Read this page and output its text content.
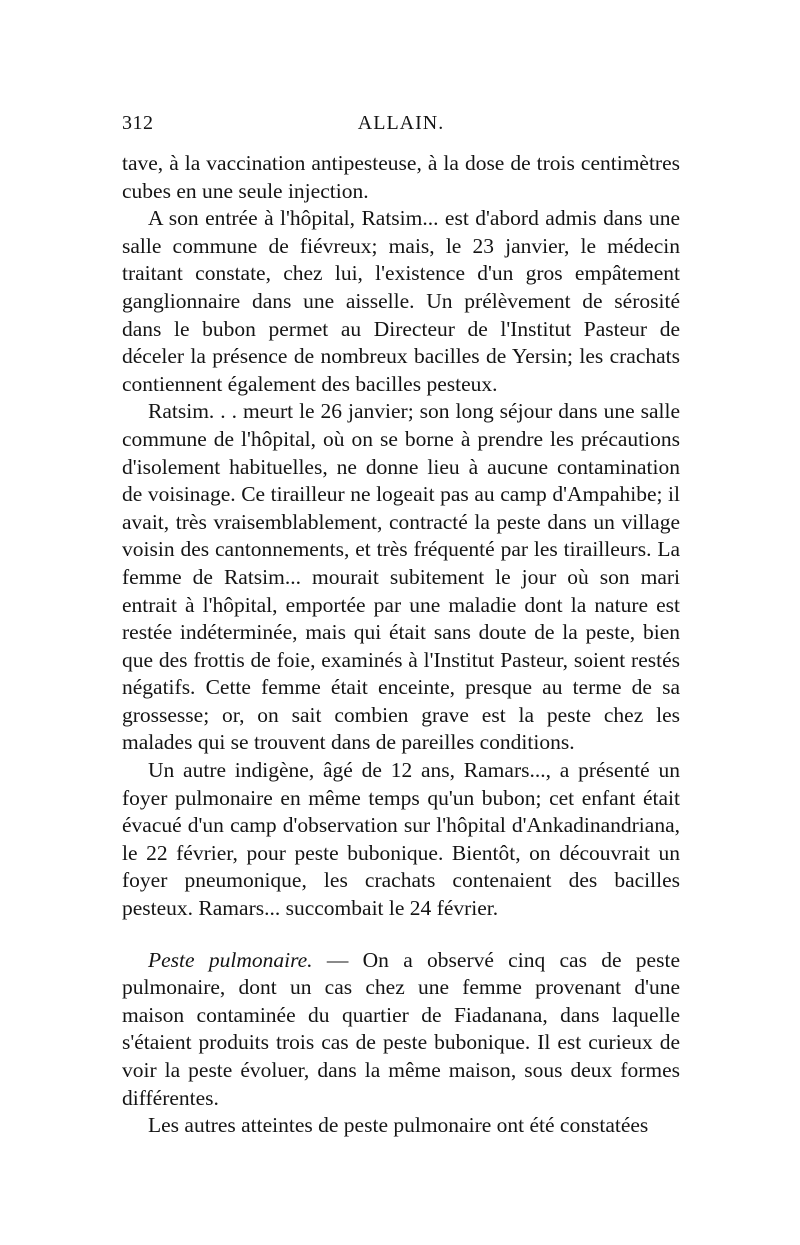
312	ALLAIN.

tave, à la vaccination antipesteuse, à la dose de trois centimètres cubes en une seule injection.

A son entrée à l'hôpital, Ratsim... est d'abord admis dans une salle commune de fiévreux; mais, le 23 janvier, le médecin traitant constate, chez lui, l'existence d'un gros empâtement ganglionnaire dans une aisselle. Un prélèvement de sérosité dans le bubon permet au Directeur de l'Institut Pasteur de déceler la présence de nombreux bacilles de Yersin; les crachats contiennent également des bacilles pesteux.

Ratsim. . . meurt le 26 janvier; son long séjour dans une salle commune de l'hôpital, où on se borne à prendre les précautions d'isolement habituelles, ne donne lieu à aucune contamination de voisinage. Ce tirailleur ne logeait pas au camp d'Ampahibe; il avait, très vraisemblablement, contracté la peste dans un village voisin des cantonnements, et très fréquenté par les tirailleurs. La femme de Ratsim... mourait subitement le jour où son mari entrait à l'hôpital, emportée par une maladie dont la nature est restée indéterminée, mais qui était sans doute de la peste, bien que des frottis de foie, examinés à l'Institut Pasteur, soient restés négatifs. Cette femme était enceinte, presque au terme de sa grossesse; or, on sait combien grave est la peste chez les malades qui se trouvent dans de pareilles conditions.

Un autre indigène, âgé de 12 ans, Ramars..., a présenté un foyer pulmonaire en même temps qu'un bubon; cet enfant était évacué d'un camp d'observation sur l'hôpital d'Ankadinandriana, le 22 février, pour peste bubonique. Bientôt, on découvrait un foyer pneumonique, les crachats contenaient des bacilles pesteux. Ramars... succombait le 24 février.

Peste pulmonaire. — On a observé cinq cas de peste pulmonaire, dont un cas chez une femme provenant d'une maison contaminée du quartier de Fiadanana, dans laquelle s'étaient produits trois cas de peste bubonique. Il est curieux de voir la peste évoluer, dans la même maison, sous deux formes différentes.

Les autres atteintes de peste pulmonaire ont été constatées
